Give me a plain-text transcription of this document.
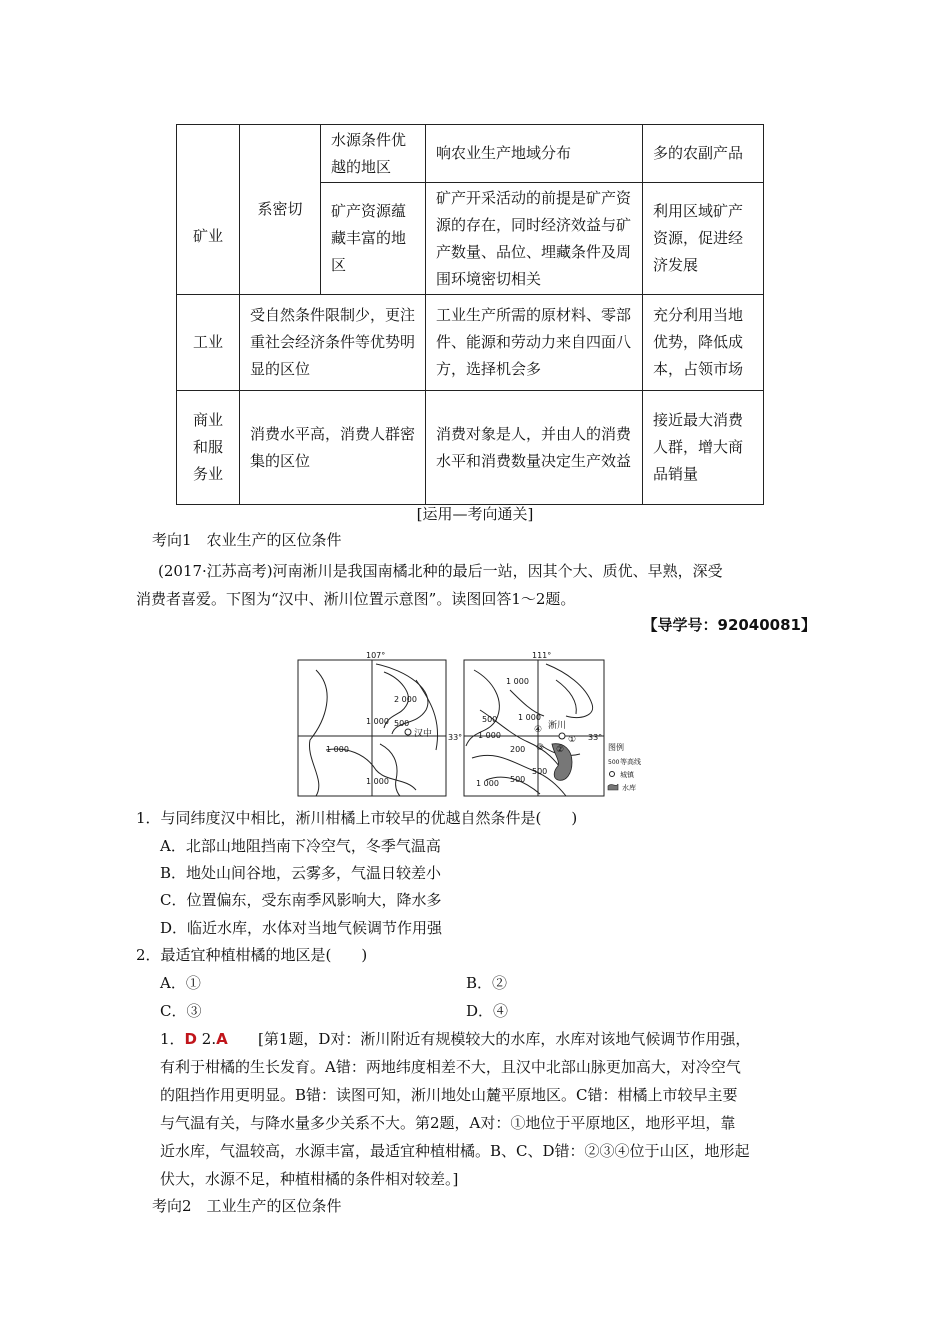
矿业	系密切	水源条件优越的地区	响农业生产地域分布	多的农副产品
		矿产资源蕴藏丰富的地区	矿产开采活动的前提是矿产资源的存在，同时经济效益与矿产数量、品位、埋藏条件及周围环境密切相关	利用区域矿产资源，促进经济发展
工业	受自然条件限制少，更注重社会经济条件等优势明显的区位		工业生产所需的原材料、零部件、能源和劳动力来自四面八方，选择机会多	充分利用当地优势，降低成本，占领市场
商业和服务业	消费水平高，消费人群密集的区位		消费对象是人，并由人的消费水平和消费数量决定生产效益	接近最大消费人群，增大商品销量
[运用—考向通关]
考向1　农业生产的区位条件
(2017·江苏高考)河南淅川是我国南橘北种的最后一站，因其个大、质优、早熟，深受
消费者喜爱。下图为“汉中、淅川位置示意图”。读图回答1～2题。
【导学号：92040081】
107°
33°
汉中
2 000
1 000 500
1 000
1 000
111°
33°
淅川
1 000
1 000
500
1 000
200
500
500
1 000
①
②
③
④
图例
500 等高线
城镇
水库
1．与同纬度汉中相比，淅川柑橘上市较早的优越自然条件是(　　)
A．北部山地阻挡南下冷空气，冬季气温高
B．地处山间谷地，云雾多，气温日较差小
C．位置偏东，受东南季风影响大，降水多
D．临近水库，水体对当地气候调节作用强
2．最适宜种植柑橘的地区是(　　)
A．①	B．②
C．③	D．④
1．D 2.A [第1题，D对：淅川附近有规模较大的水库，水库对该地气候调节作用强，
有利于柑橘的生长发育。A错：两地纬度相差不大，且汉中北部山脉更加高大，对冷空气
的阻挡作用更明显。B错：读图可知，淅川地处山麓平原地区。C错：柑橘上市较早主要
与气温有关，与降水量多少关系不大。第2题，A对：①地位于平原地区，地形平坦，靠
近水库，气温较高，水源丰富，最适宜种植柑橘。B、C、D错：②③④位于山区，地形起
伏大，水源不足，种植柑橘的条件相对较差。]
考向2　工业生产的区位条件
